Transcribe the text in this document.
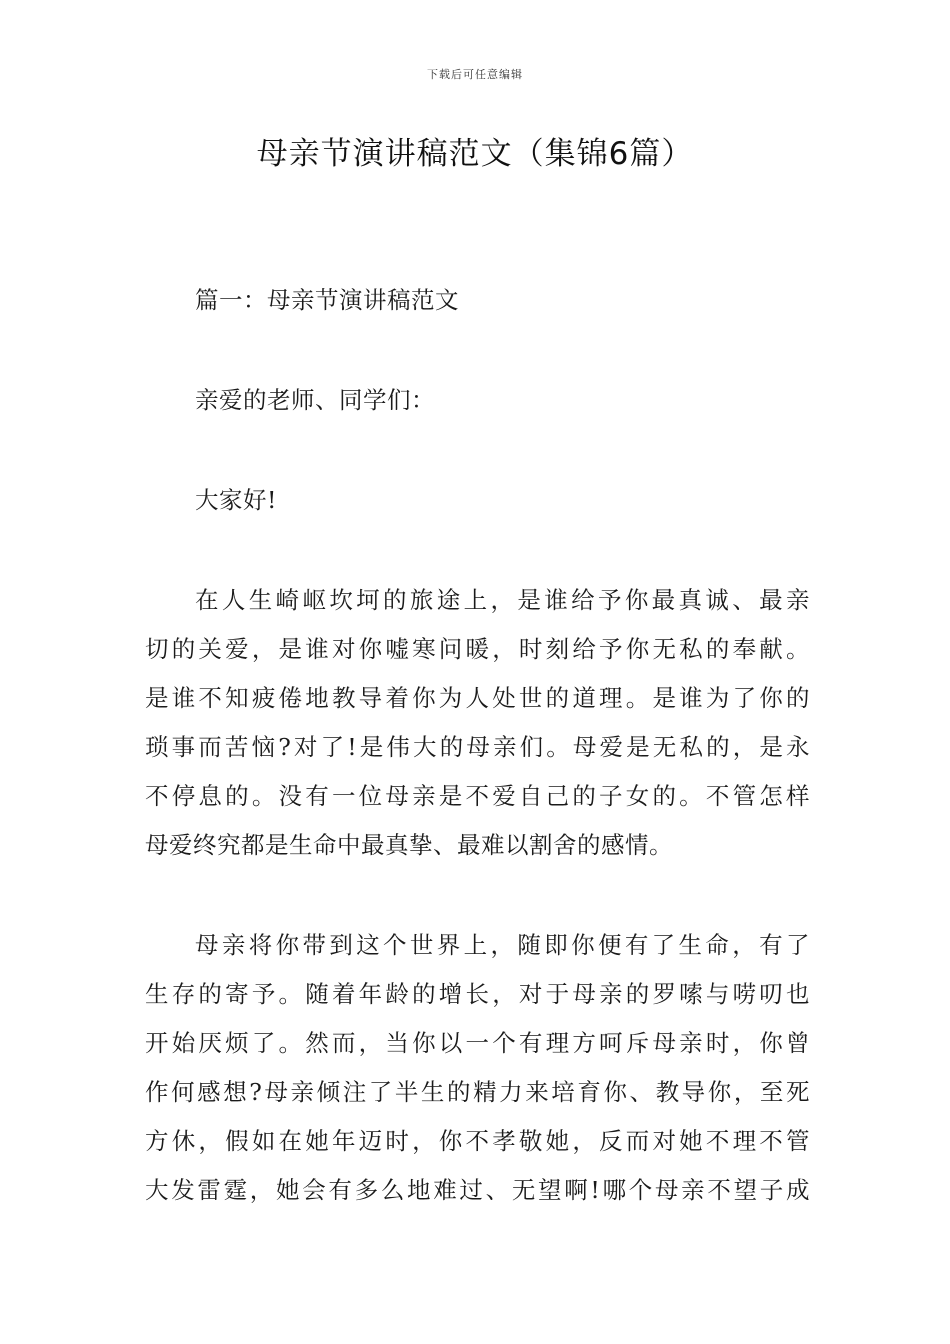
下载后可任意编辑
母亲节演讲稿范文（集锦6篇）
篇一：母亲节演讲稿范文
亲爱的老师、同学们：
大家好!
在人生崎岖坎坷的旅途上，是谁给予你最真诚、最亲
切的关爱，是谁对你嘘寒问暖，时刻给予你无私的奉献。
是谁不知疲倦地教导着你为人处世的道理。是谁为了你的
琐事而苦恼?对了!是伟大的母亲们。母爱是无私的，是永
不停息的。没有一位母亲是不爱自己的子女的。不管怎样
母爱终究都是生命中最真挚、最难以割舍的感情。
母亲将你带到这个世界上，随即你便有了生命，有了
生存的寄予。随着年龄的增长，对于母亲的罗嗦与唠叨也
开始厌烦了。然而，当你以一个有理方呵斥母亲时，你曾
作何感想?母亲倾注了半生的精力来培育你、教导你，至死
方休，假如在她年迈时，你不孝敬她，反而对她不理不管
大发雷霆，她会有多么地难过、无望啊!哪个母亲不望子成
